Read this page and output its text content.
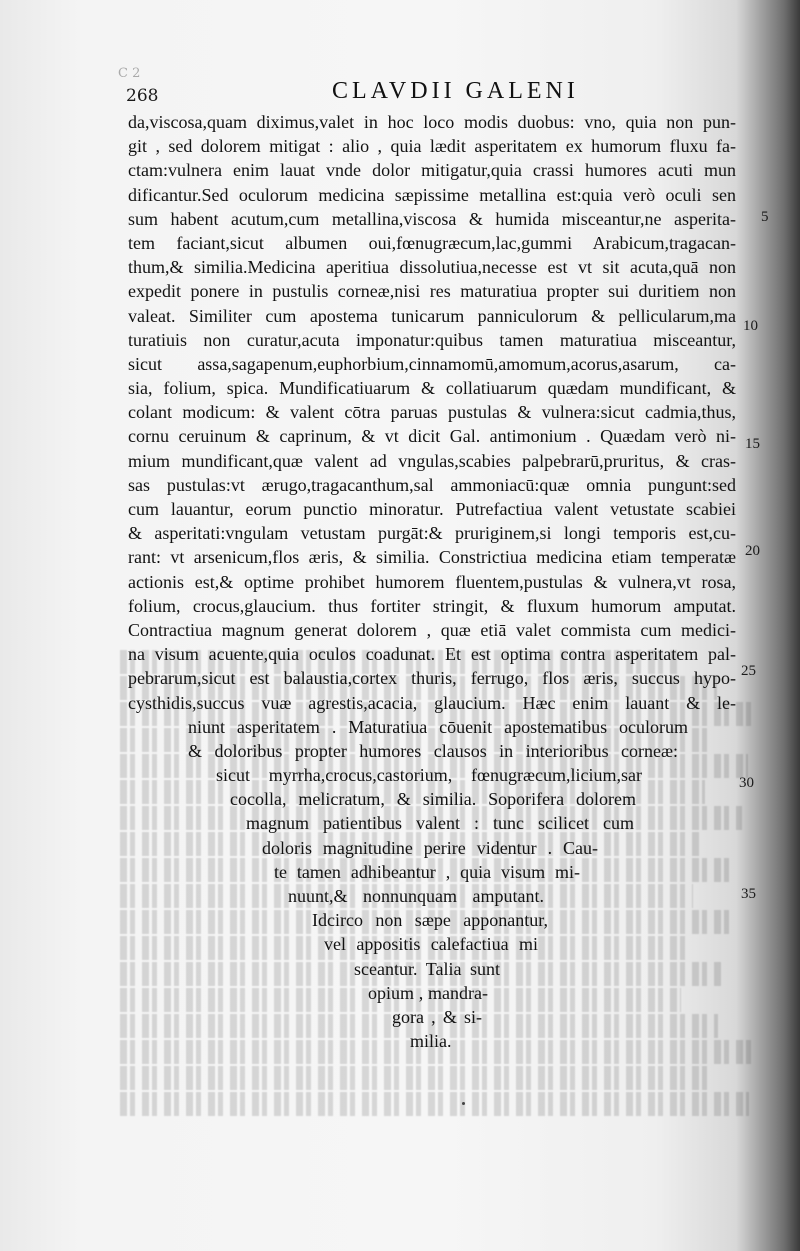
C 2
268	CLAVDII GALENI
da,viscosa,quam diximus,valet in hoc loco modis duobus: vno, quia non pun-
git , sed dolorem mitigat : alio , quia lædit asperitatem ex humorum fluxu fa-
ctam:vulnera enim lauat vnde dolor mitigatur,quia crassi humores acuti mun
dificantur.Sed oculorum medicina sæpissime metallina est:quia verò oculi sen
sum habent acutum,cum metallina,viscosa & humida misceantur,ne asperita-
tem faciant,sicut albumen oui,fœnugræcum,lac,gummi Arabicum,tragacan-
thum,& similia.Medicina aperitiua dissolutiua,necesse est vt sit acuta,quā non
expedit ponere in pustulis corneæ,nisi res maturatiua propter sui duritiem non
valeat. Similiter cum apostema tunicarum panniculorum & pellicularum,ma
turatiuis non curatur,acuta imponatur:quibus tamen maturatiua misceantur,
sicut assa,sagapenum,euphorbium,cinnamomū,amomum,acorus,asarum, ca-
sia, folium, spica. Mundificatiuarum & collatiuarum quædam mundificant, &
colant modicum: & valent cōtra paruas pustulas & vulnera:sicut cadmia,thus,
cornu ceruinum & caprinum, & vt dicit Gal. antimonium . Quædam verò ni-
mium mundificant,quæ valent ad vngulas,scabies palpebrarū,pruritus, & cras-
sas pustulas:vt ærugo,tragacanthum,sal ammoniacū:quæ omnia pungunt:sed
cum lauantur, eorum punctio minoratur. Putrefactiua valent vetustate scabiei
& asperitati:vngulam vetustam purgāt:& pruriginem,si longi temporis est,cu-
rant: vt arsenicum,flos æris, & similia. Constrictiua medicina etiam temperatæ
actionis est,& optime prohibet humorem fluentem,pustulas & vulnera,vt rosa,
folium, crocus,glaucium. thus fortiter stringit, & fluxum humorum amputat.
Contractiua magnum generat dolorem , quæ etiā valet commista cum medici-
na visum acuente,quia oculos coadunat. Et est optima contra asperitatem pal-
pebrarum,sicut est balaustia,cortex thuris, ferrugo, flos æris, succus hypo-
cysthidis,succus vuæ agrestis,acacia, glaucium. Hæc enim lauant & le-
niunt asperitatem . Maturatiua cōuenit apostematibus oculorum
& doloribus propter humores clausos in interioribus corneæ:
sicut myrrha,crocus,castorium, fœnugræcum,licium,sar
cocolla, melicratum, & similia. Soporifera dolorem
magnum patientibus valent : tunc scilicet cum
doloris magnitudine perire videntur . Cau-
te tamen adhibeantur , quia visum mi-
nuunt,& nonnunquam amputant.
Idcirco non sæpe apponantur,
vel appositis calefactiua mi
sceantur. Talia sunt
opium , mandra-
gora , & si-
milia.
5
10
15
20
25
30
35
